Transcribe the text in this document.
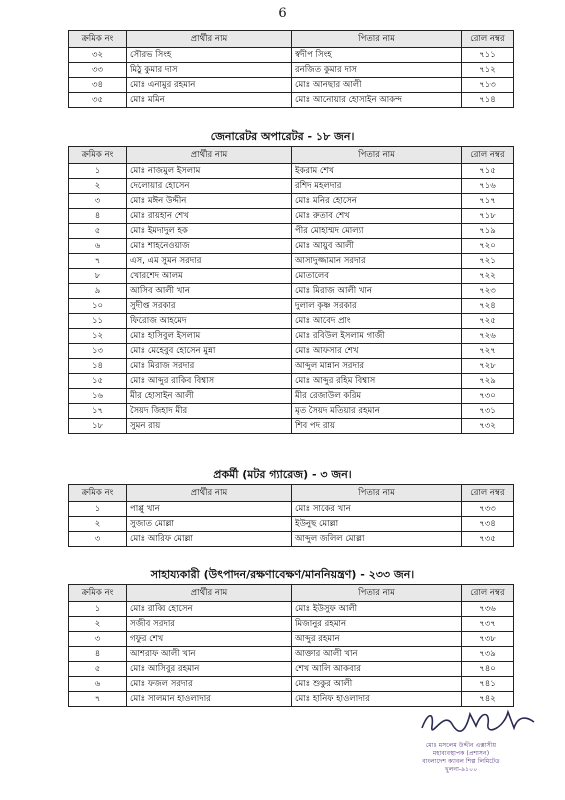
6
ক্রমিক নং	প্রার্থীর নাম	পিতার নাম	রোল নম্বর
৩২	সৌরভ সিংহ	স্বদীপ সিংহ	৭১১
৩৩	মিঠু কুমার দাস	রনজিত কুমার দাস	৭১২
৩৪	মোঃ এনামুর রহমান	মোঃ আনছার আলী	৭১৩
৩৫	মোঃ মমিন	মোঃ আনোয়ার হোসাইন আকন্দ	৭১৪
জেনারেটর অপারেটর - ১৮ জন।
ক্রমিক নং	প্রার্থীর নাম	পিতার নাম	রোল নম্বর
১	মোঃ নাজমুল ইসলাম	ইকরাম শেখ	৭১৫
২	দেলোয়ার হোসেন	রশিদ মহলদার	৭১৬
৩	মোঃ মঈন উদ্দীন	মোঃ মনির হোসেন	৭১৭
৪	মোঃ রায়হান শেখ	মোঃ রুতাব শেখ	৭১৮
৫	মোঃ ইমদাদুল হক	পীর মোহাম্মদ মোল্যা	৭১৯
৬	মোঃ শাহনেওয়াজ	মোঃ আয়ুব আলী	৭২০
৭	এস, এম সুমন সরদার	আসাদুজ্জামান সরদার	৭২১
৮	খোরশেদ আলম	মোতালেব	৭২২
৯	আসিব আলী খান	মোঃ মিরাজ আলী খান	৭২৩
১০	সুদীপ্ত সরকার	দুলাল কৃষ্ণ সরকার	৭২৪
১১	ফিরোজ আহমেদ	মোঃ আবেদ প্রাং	৭২৫
১২	মোঃ হাসিবুল ইসলাম	মোঃ রবিউল ইসলাম গাজী	৭২৬
১৩	মোঃ মেহেবুব হোসেন মুন্না	মোঃ আফসার শেখ	৭২৭
১৪	মোঃ মিরাজ সরদার	আব্দুল মান্নান সরদার	৭২৮
১৫	মোঃ আব্দুর রাকিব বিশ্বাস	মোঃ আব্দুর রহিম বিশ্বাস	৭২৯
১৬	মীর হোসাইন আলী	মীর রেজাউল করিম	৭৩০
১৭	সৈয়দ জিহাদ মীর	মৃত সৈয়দ মতিয়ার রহমান	৭৩১
১৮	সুমন রায়	শিব পদ রায়	৭৩২
প্রকর্মী (মটর গ্যারেজ) - ৩ জন।
ক্রমিক নং	প্রার্থীর নাম	পিতার নাম	রোল নম্বর
১	পাপ্পু খান	মোঃ সাকের খান	৭৩৩
২	সুজাত মোল্লা	ইউনুছ মোল্লা	৭৩৪
৩	মোঃ আরিফ মোল্লা	আব্দুল জলিল মোল্লা	৭৩৫
সাহায্যকারী (উৎপাদন/রক্ষণাবেক্ষণ/মাননিয়ন্ত্রণ) - ২৩৩ জন।
ক্রমিক নং	প্রার্থীর নাম	পিতার নাম	রোল নম্বর
১	মোঃ রাব্বি হোসেন	মোঃ ইউসুফ আলী	৭৩৬
২	সজীব সরদার	মিজানুর রহমান	৭৩৭
৩	গফুর শেখ	আব্দুর রহমান	৭৩৮
৪	আশরাফ আলী খান	আক্তার আলী খান	৭৩৯
৫	মোঃ আসিবুর রহমান	শেখ আলি আকবার	৭৪০
৬	মোঃ ফজল সরদার	মোঃ শুকুর আলী	৭৪১
৭	মোঃ সালমান হাওলাদার	মোঃ হানিফ হাওলাদার	৭৪২
মোঃ মসলেম উদ্দীন এক্সাসীয়
মহাব্যবস্থাপক (প্রশাসন)
বাংলাদেশ ক্যাবল শিল্প লিমিটেড
খুলনা-৯১০০
